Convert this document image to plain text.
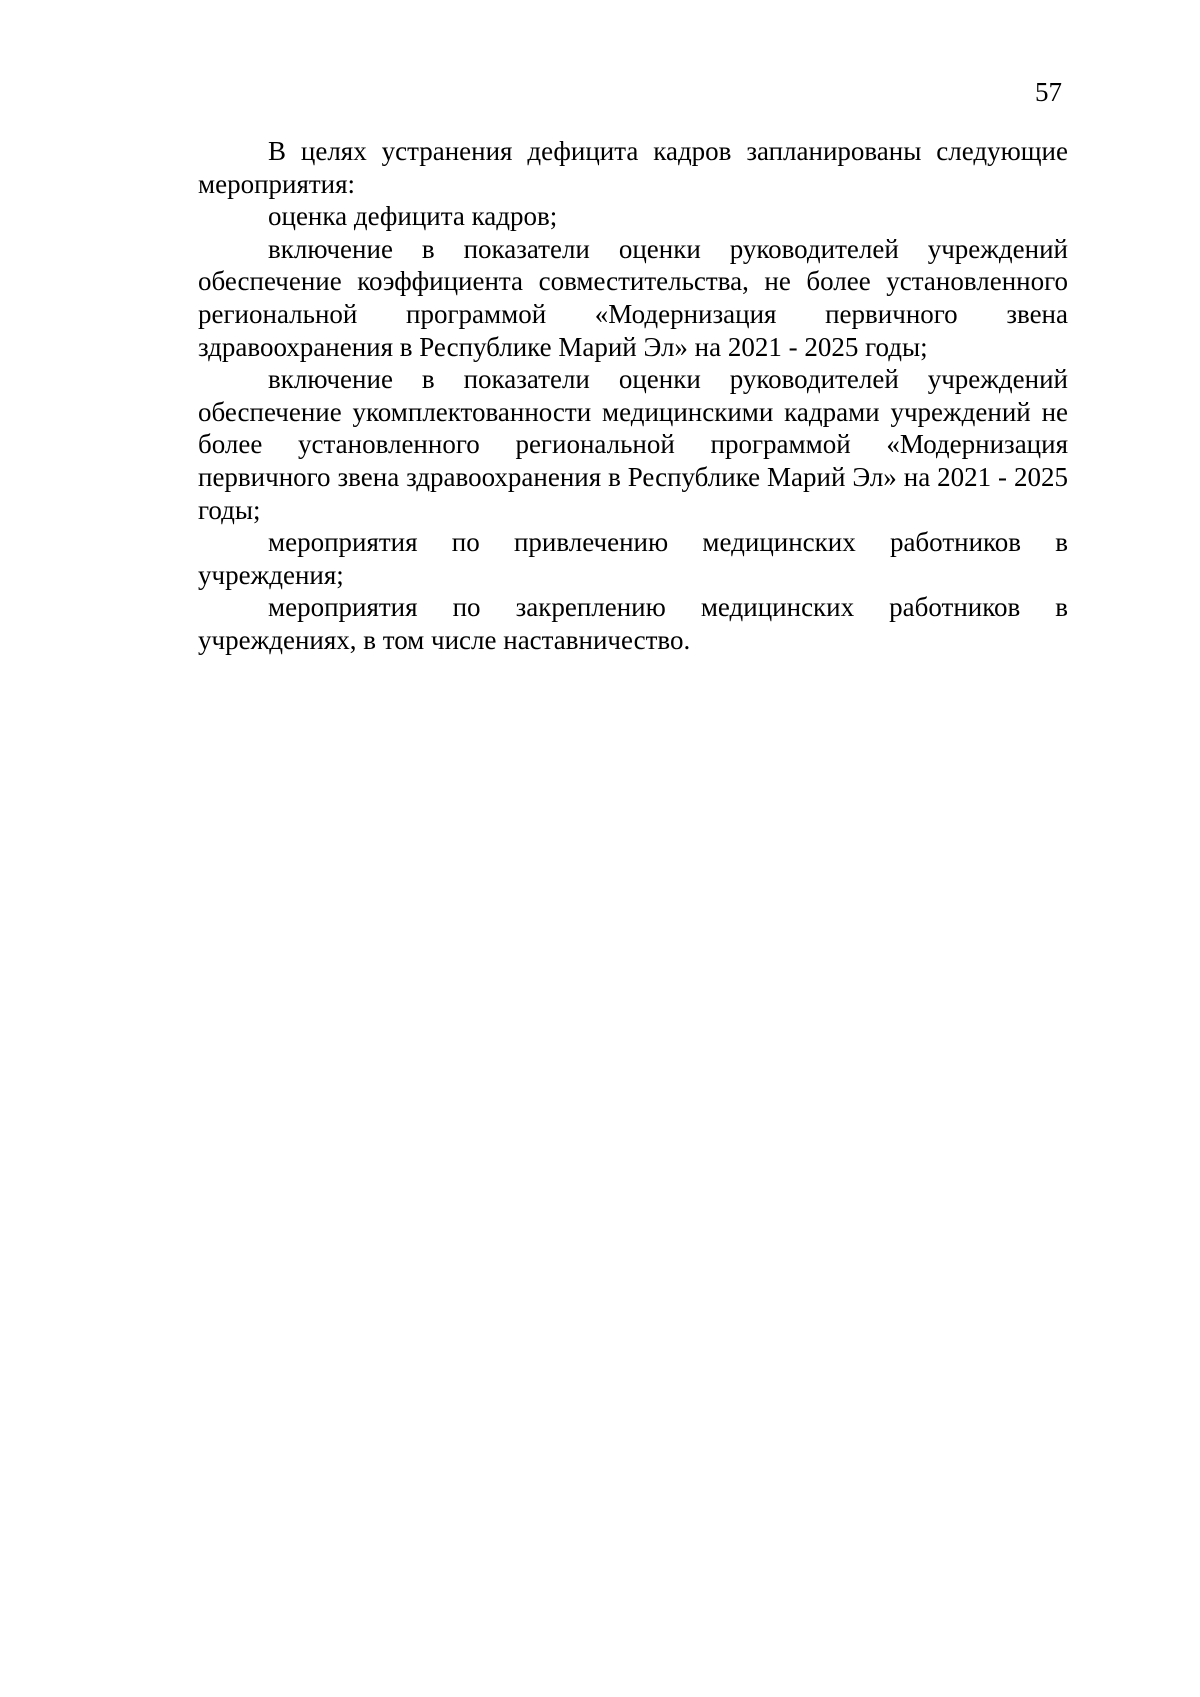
57

В целях устранения дефицита кадров запланированы следующие мероприятия:

оценка дефицита кадров;

включение в показатели оценки руководителей учреждений обеспечение коэффициента совместительства, не более установленного региональной программой «Модернизация первичного звена здравоохранения в Республике Марий Эл» на 2021 - 2025 годы;

включение в показатели оценки руководителей учреждений обеспечение укомплектованности медицинскими кадрами учреждений не более установленного региональной программой «Модернизация первичного звена здравоохранения в Республике Марий Эл» на 2021 - 2025 годы;

мероприятия по привлечению медицинских работников в учреждения;

мероприятия по закреплению медицинских работников в учреждениях, в том числе наставничество.
